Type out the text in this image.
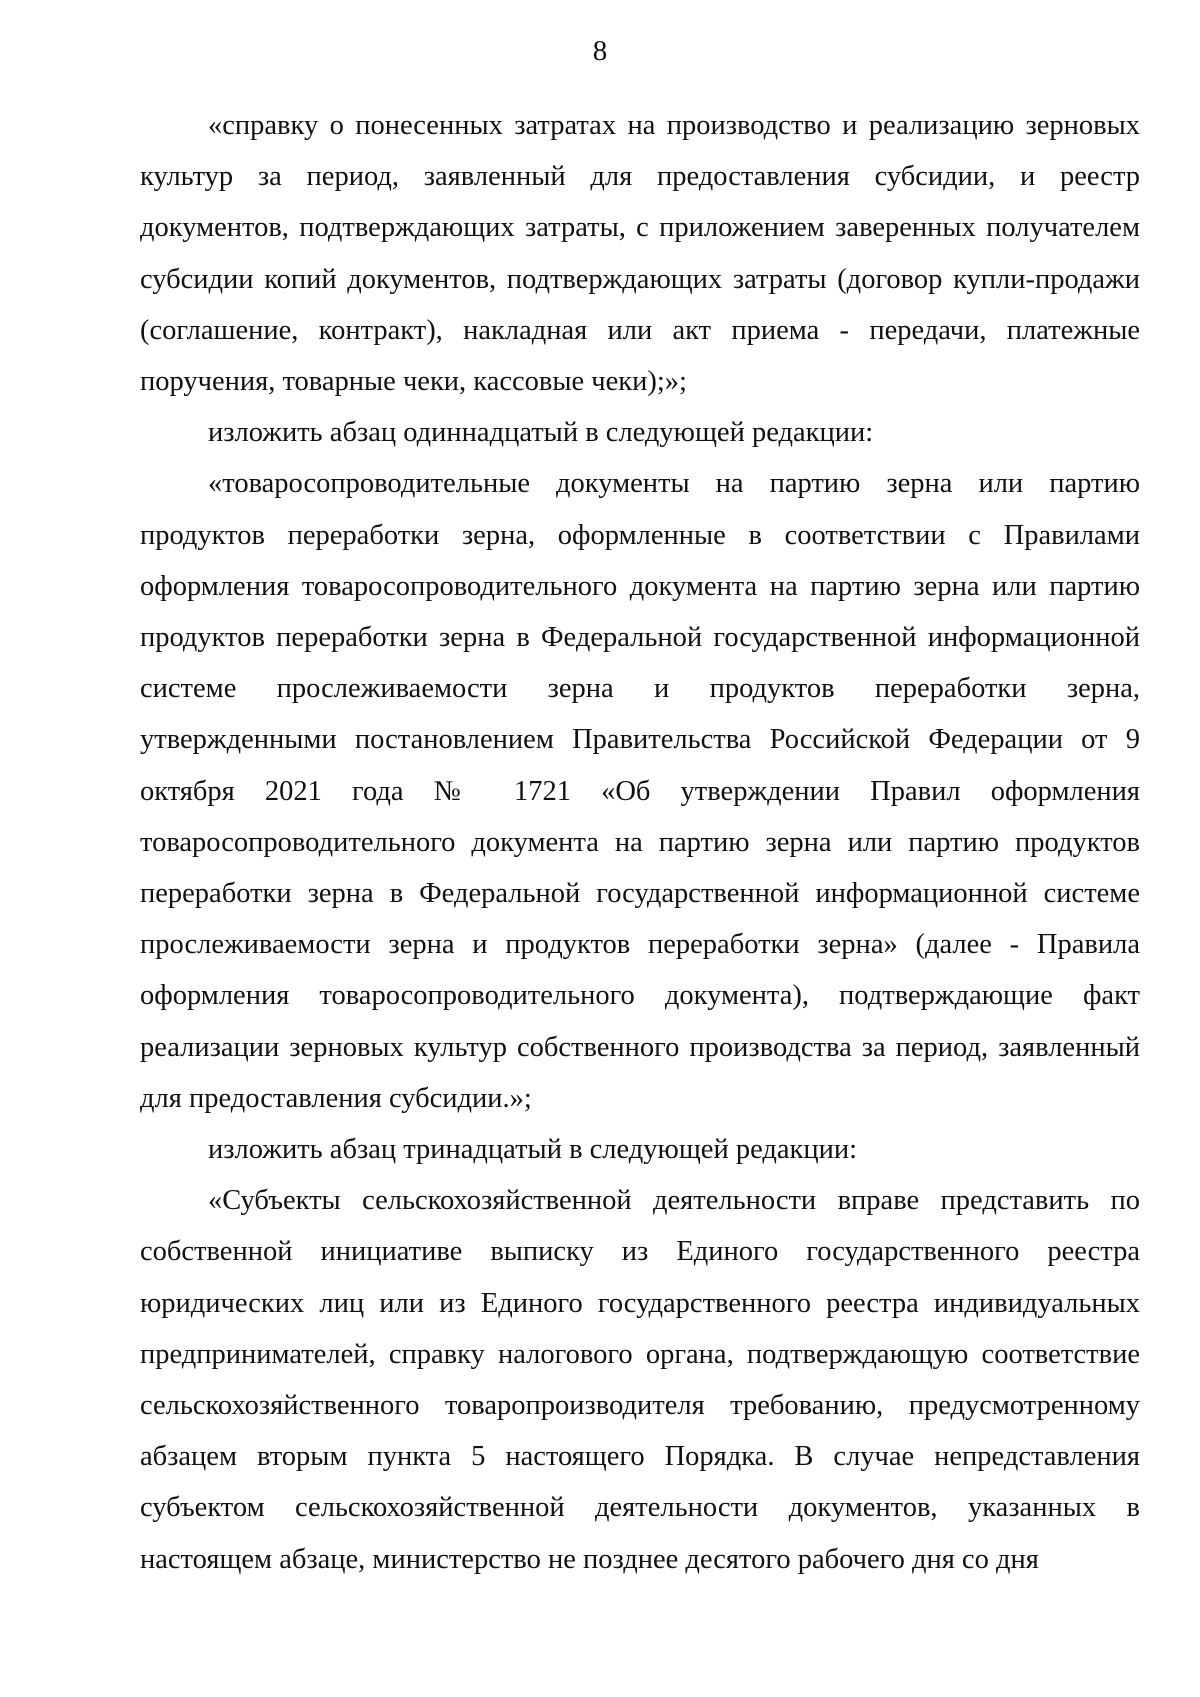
8

«справку о понесенных затратах на производство и реализацию зерновых культур за период, заявленный для предоставления субсидии, и реестр документов, подтверждающих затраты, с приложением заверенных получателем субсидии копий документов, подтверждающих затраты (договор купли-продажи (соглашение, контракт), накладная или акт приема - передачи, платежные поручения, товарные чеки, кассовые чеки);»;

изложить абзац одиннадцатый в следующей редакции:

«товаросопроводительные документы на партию зерна или партию продуктов переработки зерна, оформленные в соответствии с Правилами оформления товаросопроводительного документа на партию зерна или партию продуктов переработки зерна в Федеральной государственной информационной системе прослеживаемости зерна и продуктов переработки зерна, утвержденными постановлением Правительства Российской Федерации от 9 октября 2021 года № 1721 «Об утверждении Правил оформления товаросопроводительного документа на партию зерна или партию продуктов переработки зерна в Федеральной государственной информационной системе прослеживаемости зерна и продуктов переработки зерна» (далее - Правила оформления товаросопроводительного документа), подтверждающие факт реализации зерновых культур собственного производства за период, заявленный для предоставления субсидии.»;

изложить абзац тринадцатый в следующей редакции:

«Субъекты сельскохозяйственной деятельности вправе представить по собственной инициативе выписку из Единого государственного реестра юридических лиц или из Единого государственного реестра индивидуальных предпринимателей, справку налогового органа, подтверждающую соответствие сельскохозяйственного товаропроизводителя требованию, предусмотренному абзацем вторым пункта 5 настоящего Порядка. В случае непредставления субъектом сельскохозяйственной деятельности документов, указанных в настоящем абзаце, министерство не позднее десятого рабочего дня со дня
